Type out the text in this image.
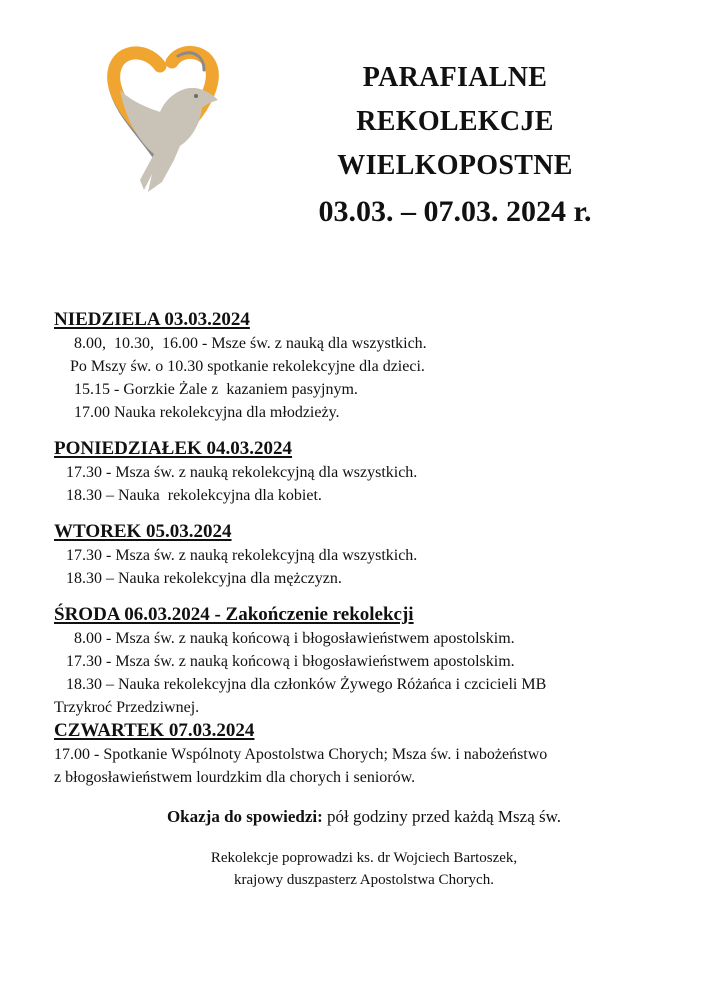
PARAFIALNE
REKOLEKCJE
WIELKOPOSTNE
03.03. – 07.03. 2024 r.
NIEDZIELA 03.03.2024
8.00,  10.30,  16.00 - Msze św. z nauką dla wszystkich.
Po Mszy św. o 10.30 spotkanie rekolekcyjne dla dzieci.
15.15 - Gorzkie Żale z  kazaniem pasyjnym.
17.00 Nauka rekolekcyjna dla młodzieży.
PONIEDZIAŁEK 04.03.2024
17.30 - Msza św. z nauką rekolekcyjną dla wszystkich.
18.30 – Nauka  rekolekcyjna dla kobiet.
WTOREK 05.03.2024
17.30 - Msza św. z nauką rekolekcyjną dla wszystkich.
18.30 – Nauka rekolekcyjna dla mężczyzn.
ŚRODA 06.03.2024 - Zakończenie rekolekcji
8.00 - Msza św. z nauką końcową i błogosławieństwem apostolskim.
17.30 - Msza św. z nauką końcową i błogosławieństwem apostolskim.
18.30 – Nauka rekolekcyjna dla członków Żywego Różańca i czcicieli MB
Trzykroć Przedziwnej.
CZWARTEK 07.03.2024
17.00 - Spotkanie Wspólnoty Apostolstwa Chorych; Msza św. i nabożeństwo
z błogosławieństwem lourdzkim dla chorych i seniorów.
Okazja do spowiedzi: pół godziny przed każdą Mszą św.
Rekolekcje poprowadzi ks. dr Wojciech Bartoszek,
krajowy duszpasterz Apostolstwa Chorych.
